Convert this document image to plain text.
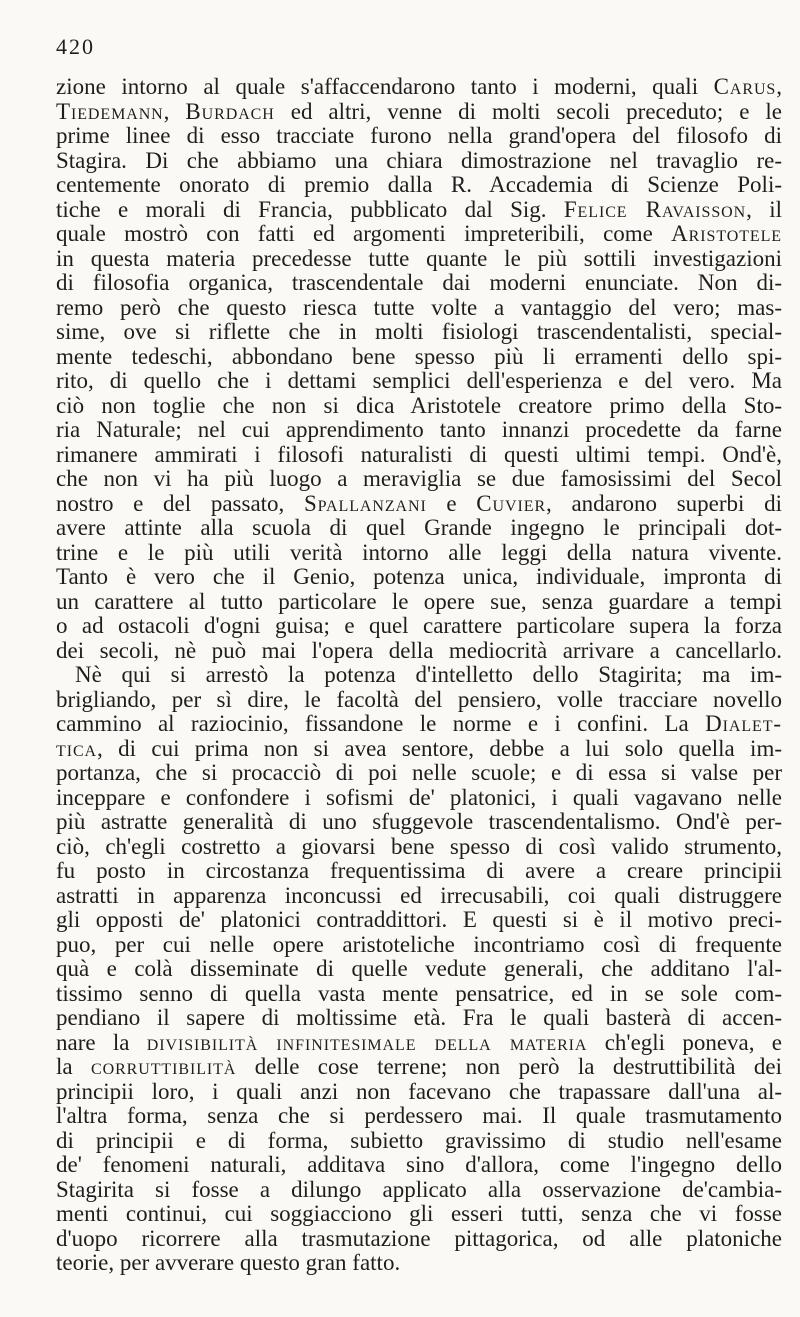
420
zione intorno al quale s'affaccendarono tanto i moderni, quali Carus,
Tiedemann, Burdach ed altri, venne di molti secoli preceduto; e le
prime linee di esso tracciate furono nella grand'opera del filosofo di
Stagira. Di che abbiamo una chiara dimostrazione nel travaglio re-
centemente onorato di premio dalla R. Accademia di Scienze Poli-
tiche e morali di Francia, pubblicato dal Sig. Felice Ravaisson, il
quale mostrò con fatti ed argomenti impreteribili, come Aristotele
in questa materia precedesse tutte quante le più sottili investigazioni
di filosofia organica, trascendentale dai moderni enunciate. Non di-
remo però che questo riesca tutte volte a vantaggio del vero; mas-
sime, ove si riflette che in molti fisiologi trascendentalisti, special-
mente tedeschi, abbondano bene spesso più li erramenti dello spi-
rito, di quello che i dettami semplici dell'esperienza e del vero. Ma
ciò non toglie che non si dica Aristotele creatore primo della Sto-
ria Naturale; nel cui apprendimento tanto innanzi procedette da farne
rimanere ammirati i filosofi naturalisti di questi ultimi tempi. Ond'è,
che non vi ha più luogo a meraviglia se due famosissimi del Secol
nostro e del passato, Spallanzani e Cuvier, andarono superbi di
avere attinte alla scuola di quel Grande ingegno le principali dot-
trine e le più utili verità intorno alle leggi della natura vivente.
Tanto è vero che il Genio, potenza unica, individuale, impronta di
un carattere al tutto particolare le opere sue, senza guardare a tempi
o ad ostacoli d'ogni guisa; e quel carattere particolare supera la forza
dei secoli, nè può mai l'opera della mediocrità arrivare a cancellarlo.
Nè qui si arrestò la potenza d'intelletto dello Stagirita; ma im-
brigliando, per sì dire, le facoltà del pensiero, volle tracciare novello
cammino al raziocinio, fissandone le norme e i confini. La Dialet-
tica, di cui prima non si avea sentore, debbe a lui solo quella im-
portanza, che si procacciò di poi nelle scuole; e di essa si valse per
inceppare e confondere i sofismi de' platonici, i quali vagavano nelle
più astratte generalità di uno sfuggevole trascendentalismo. Ond'è per-
ciò, ch'egli costretto a giovarsi bene spesso di così valido strumento,
fu posto in circostanza frequentissima di avere a creare principii
astratti in apparenza inconcussi ed irrecusabili, coi quali distruggere
gli opposti de' platonici contraddittori. E questi si è il motivo preci-
puo, per cui nelle opere aristoteliche incontriamo così di frequente
quà e colà disseminate di quelle vedute generali, che additano l'al-
tissimo senno di quella vasta mente pensatrice, ed in se sole com-
pendiano il sapere di moltissime età. Fra le quali basterà di accen-
nare la divisibilità infinitesimale della materia ch'egli poneva, e
la corruttibilità delle cose terrene; non però la destruttibilità dei
principii loro, i quali anzi non facevano che trapassare dall'una al-
l'altra forma, senza che si perdessero mai. Il quale trasmutamento
di principii e di forma, subietto gravissimo di studio nell'esame
de' fenomeni naturali, additava sino d'allora, come l'ingegno dello
Stagirita si fosse a dilungo applicato alla osservazione de'cambia-
menti continui, cui soggiacciono gli esseri tutti, senza che vi fosse
d'uopo ricorrere alla trasmutazione pittagorica, od alle platoniche
teorie, per avverare questo gran fatto.
